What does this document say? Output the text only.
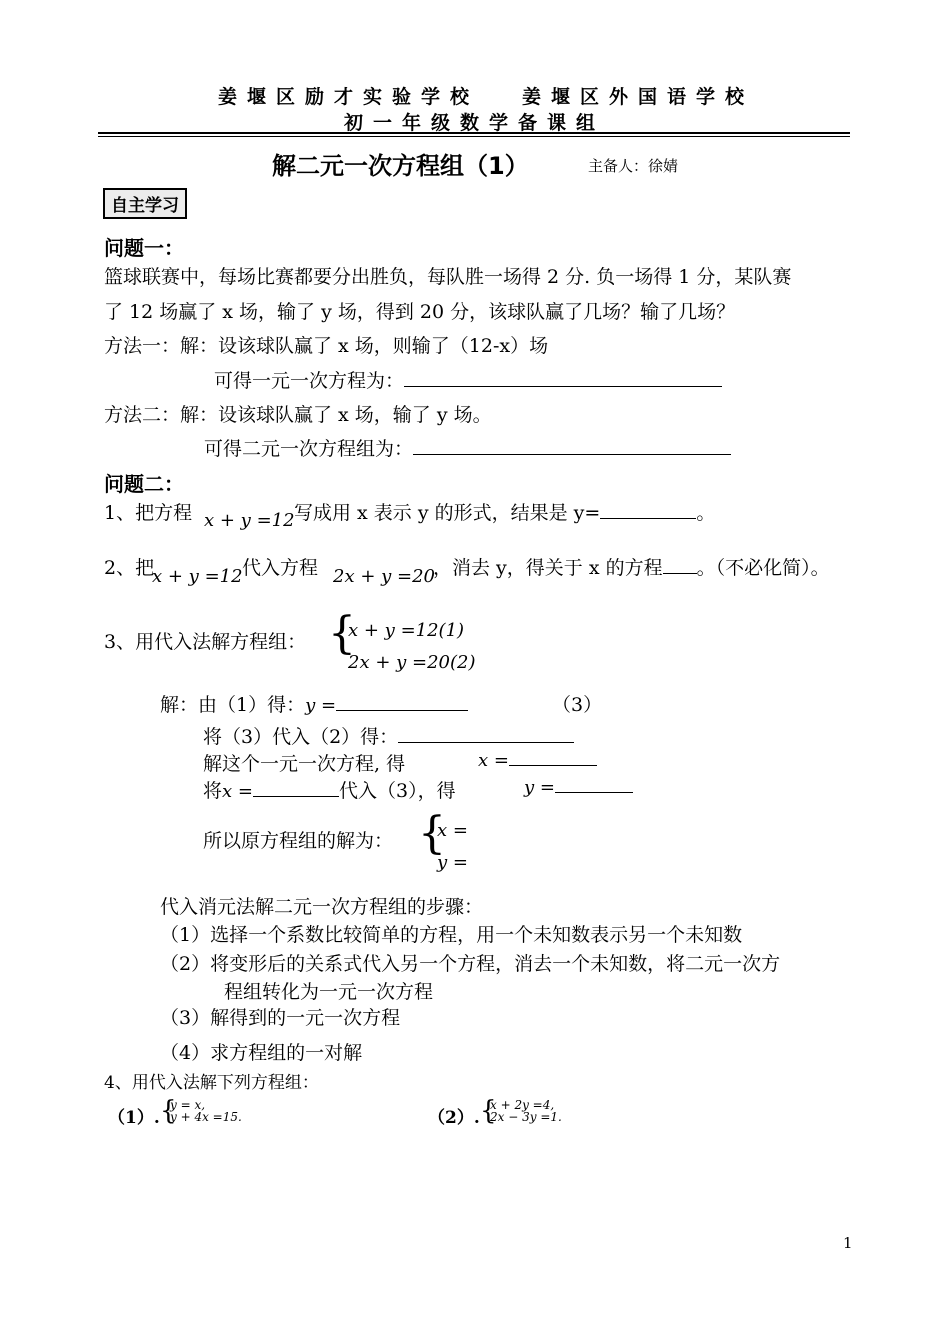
姜堰区励才实验学校 姜堰区外国语学校
初一年级数学备课组
解二元一次方程组（1）	主备人：徐婧
自主学习
问题一：
篮球联赛中，每场比赛都要分出胜负，每队胜一场得 2 分. 负一场得 1 分，某队赛
了 12 场赢了 x 场，输了 y 场，得到 20 分，该球队赢了几场？输了几场？
方法一：解：设该球队赢了 x 场，则输了（12-x）场
可得一元一次方程为：
方法二：解：设该球队赢了 x 场，输了 y 场。
可得二元一次方程组为：
问题二：
1、把方程 x + y =12 写成用 x 表示 y 的形式，结果是 y=	。
2、把
x + y =12 代入方程 2x + y =20
，消去 y，得关于 x 的方程 。（不必化简）。
3、用代入法解方程组： {
x + y =12(1)
2x + y =20(2)
解：由（1）得：y =	（3）
将（3）代入（2）得：
解这个一元一次方程, 得	x =
将x =	代入（3），得	y =
所以原方程组的解为： {
x =
y =
代入消元法解二元一次方程组的步骤：
（1）选择一个系数比较简单的方程，用一个未知数表示另一个未知数
（2）将变形后的关系式代入另一个方程，消去一个未知数，将二元一次方
程组转化为一元一次方程
（3）解得到的一元一次方程
（4）求方程组的一对解
4、用代入法解下列方程组：
（1）. {
y = x,
y + 4x =15.	（2）. {
x + 2y =4,
2x − 3y =1.
1
